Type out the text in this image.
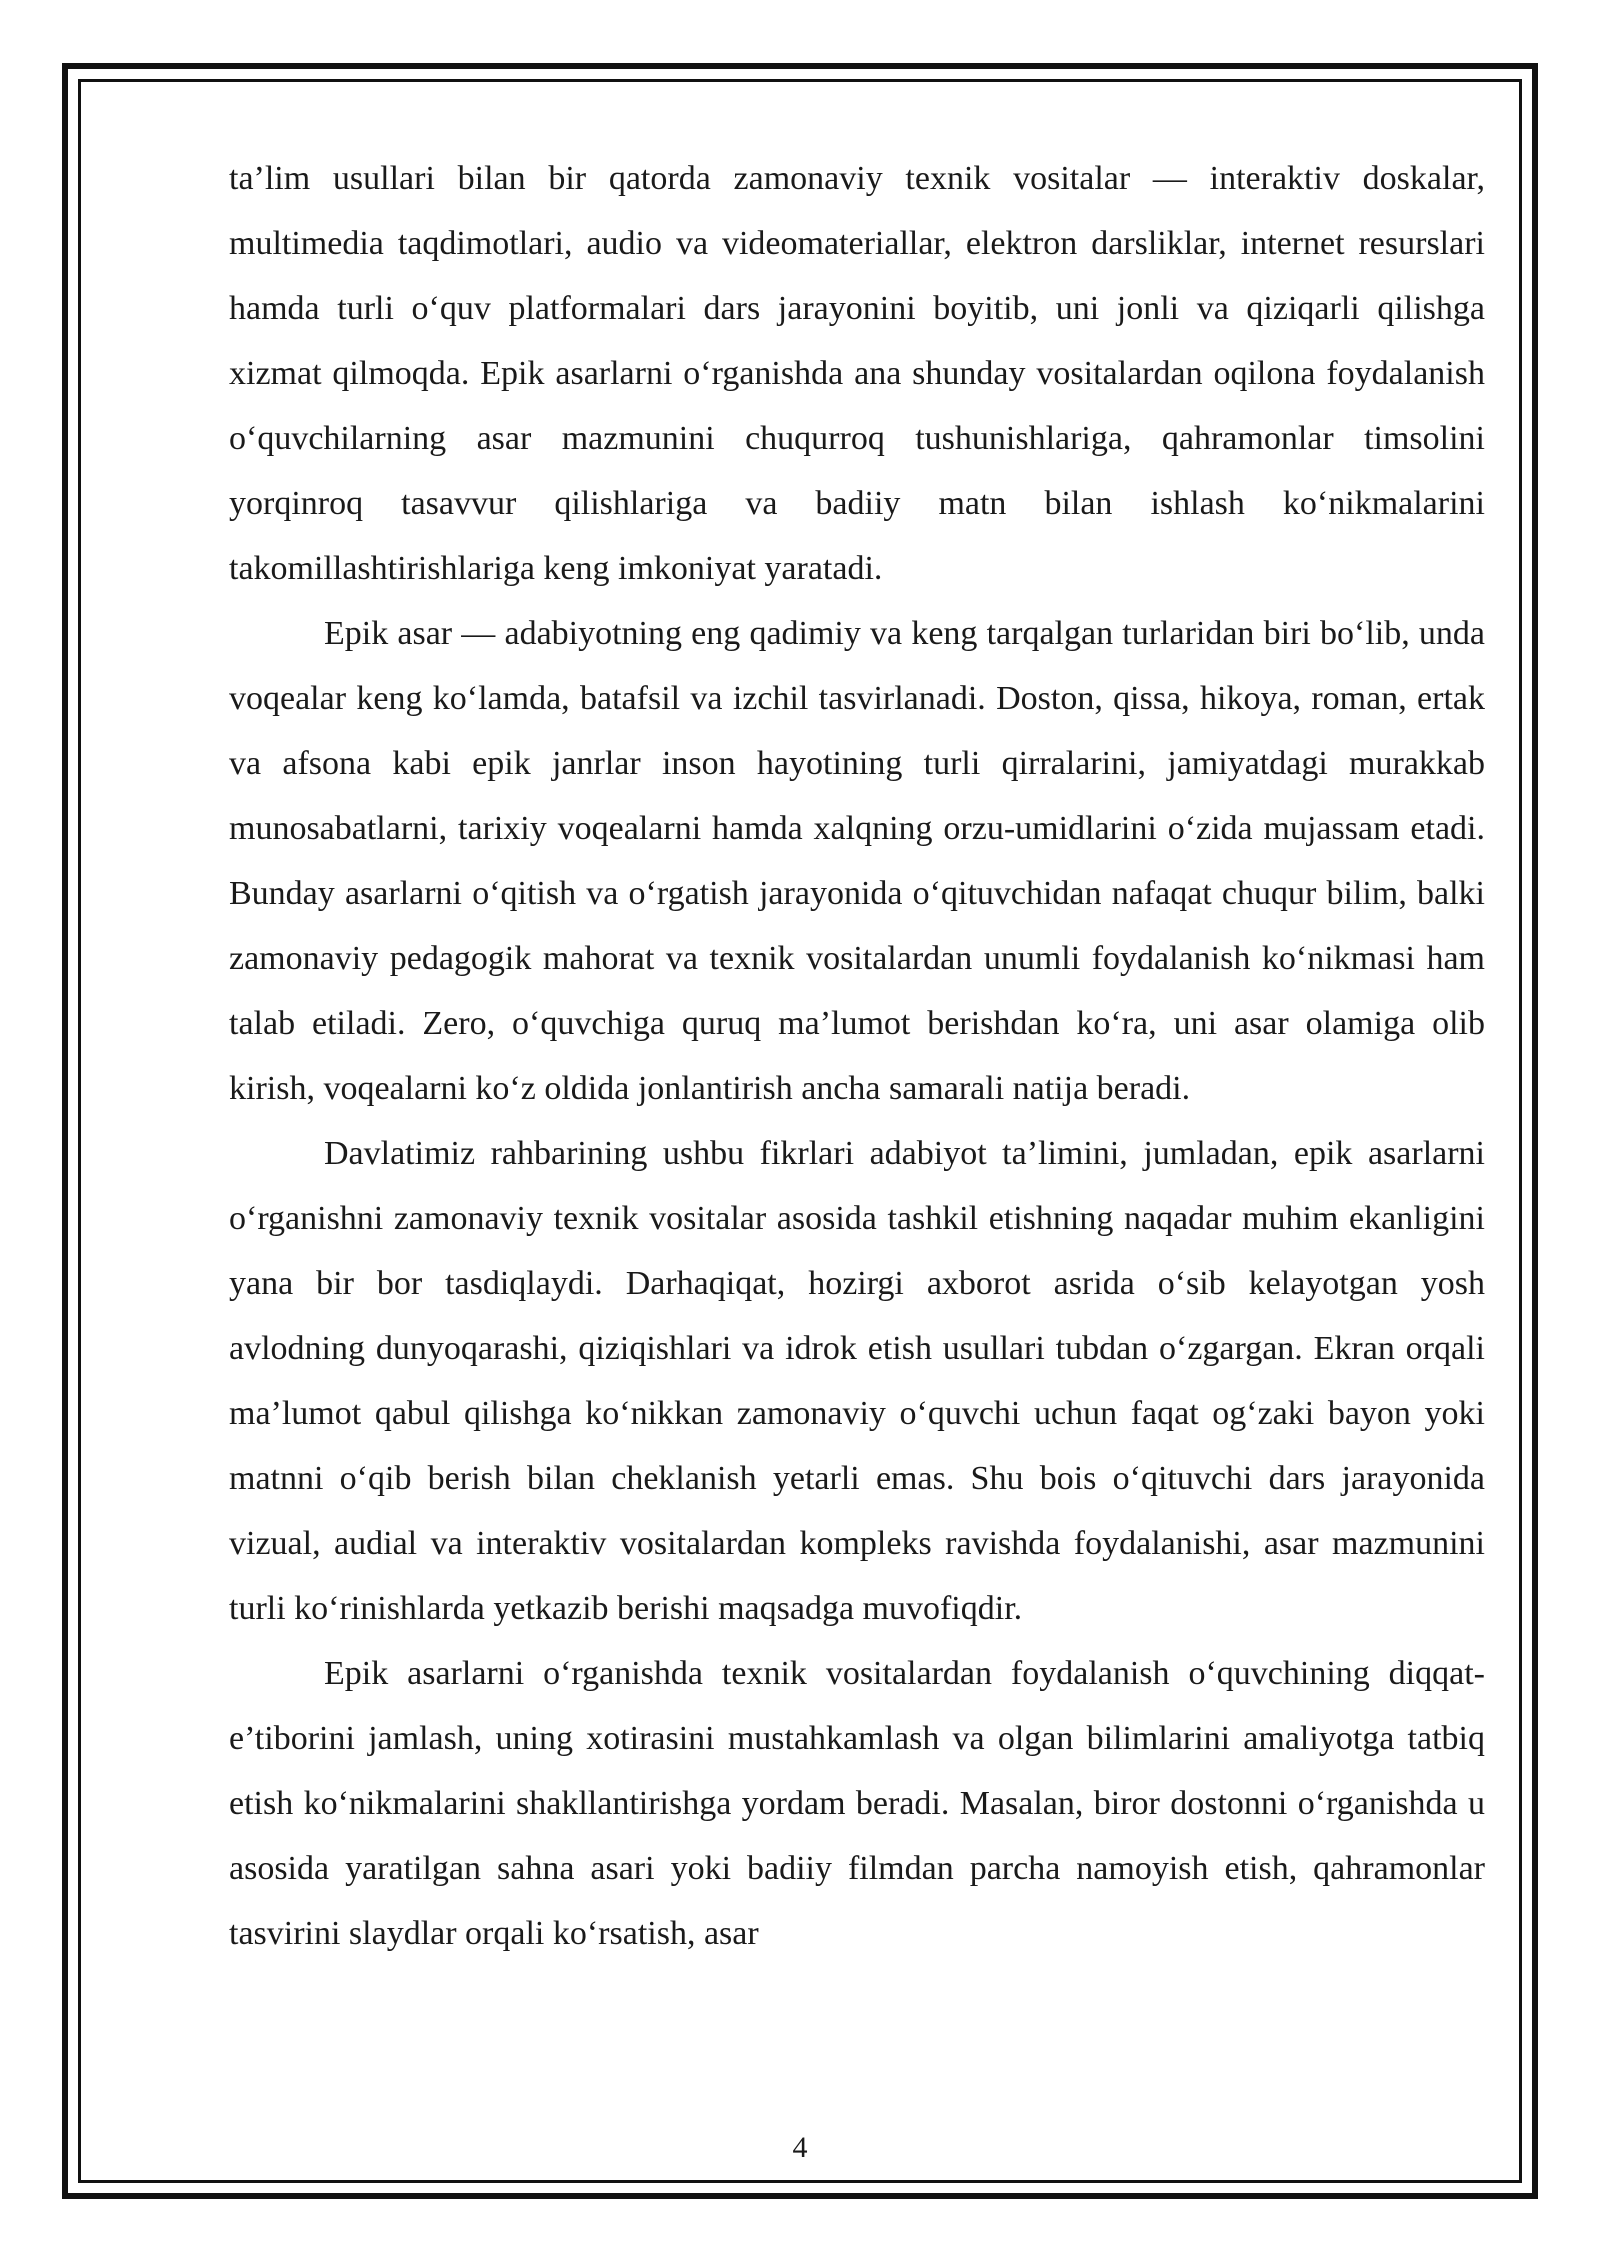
ta’lim usullari bilan bir qatorda zamonaviy texnik vositalar — interaktiv doskalar, multimedia taqdimotlari, audio va videomateriallar, elektron darsliklar, internet resurslari hamda turli o‘quv platformalari dars jarayonini boyitib, uni jonli va qiziqarli qilishga xizmat qilmoqda. Epik asarlarni o‘rganishda ana shunday vositalardan oqilona foydalanish o‘quvchilarning asar mazmunini chuqurroq tushunishlariga, qahramonlar timsolini yorqinroq tasavvur qilishlariga va badiiy matn bilan ishlash ko‘nikmalarini takomillashtirishlariga keng imkoniyat yaratadi.

Epik asar — adabiyotning eng qadimiy va keng tarqalgan turlaridan biri bo‘lib, unda voqealar keng ko‘lamda, batafsil va izchil tasvirlanadi. Doston, qissa, hikoya, roman, ertak va afsona kabi epik janrlar inson hayotining turli qirralarini, jamiyatdagi murakkab munosabatlarni, tarixiy voqealarni hamda xalqning orzu-umidlarini o‘zida mujassam etadi. Bunday asarlarni o‘qitish va o‘rgatish jarayonida o‘qituvchidan nafaqat chuqur bilim, balki zamonaviy pedagogik mahorat va texnik vositalardan unumli foydalanish ko‘nikmasi ham talab etiladi. Zero, o‘quvchiga quruq ma’lumot berishdan ko‘ra, uni asar olamiga olib kirish, voqealarni ko‘z oldida jonlantirish ancha samarali natija beradi.

Davlatimiz rahbarining ushbu fikrlari adabiyot ta’limini, jumladan, epik asarlarni o‘rganishni zamonaviy texnik vositalar asosida tashkil etishning naqadar muhim ekanligini yana bir bor tasdiqlaydi. Darhaqiqat, hozirgi axborot asrida o‘sib kelayotgan yosh avlodning dunyoqarashi, qiziqishlari va idrok etish usullari tubdan o‘zgargan. Ekran orqali ma’lumot qabul qilishga ko‘nikkan zamonaviy o‘quvchi uchun faqat og‘zaki bayon yoki matnni o‘qib berish bilan cheklanish yetarli emas. Shu bois o‘qituvchi dars jarayonida vizual, audial va interaktiv vositalardan kompleks ravishda foydalanishi, asar mazmunini turli ko‘rinishlarda yetkazib berishi maqsadga muvofiqdir.

Epik asarlarni o‘rganishda texnik vositalardan foydalanish o‘quvchining diqqat-e’tiborini jamlash, uning xotirasini mustahkamlash va olgan bilimlarini amaliyotga tatbiq etish ko‘nikmalarini shakllantirishga yordam beradi. Masalan, biror dostonni o‘rganishda u asosida yaratilgan sahna asari yoki badiiy filmdan parcha namoyish etish, qahramonlar tasvirini slaydlar orqali ko‘rsatish, asar

4
